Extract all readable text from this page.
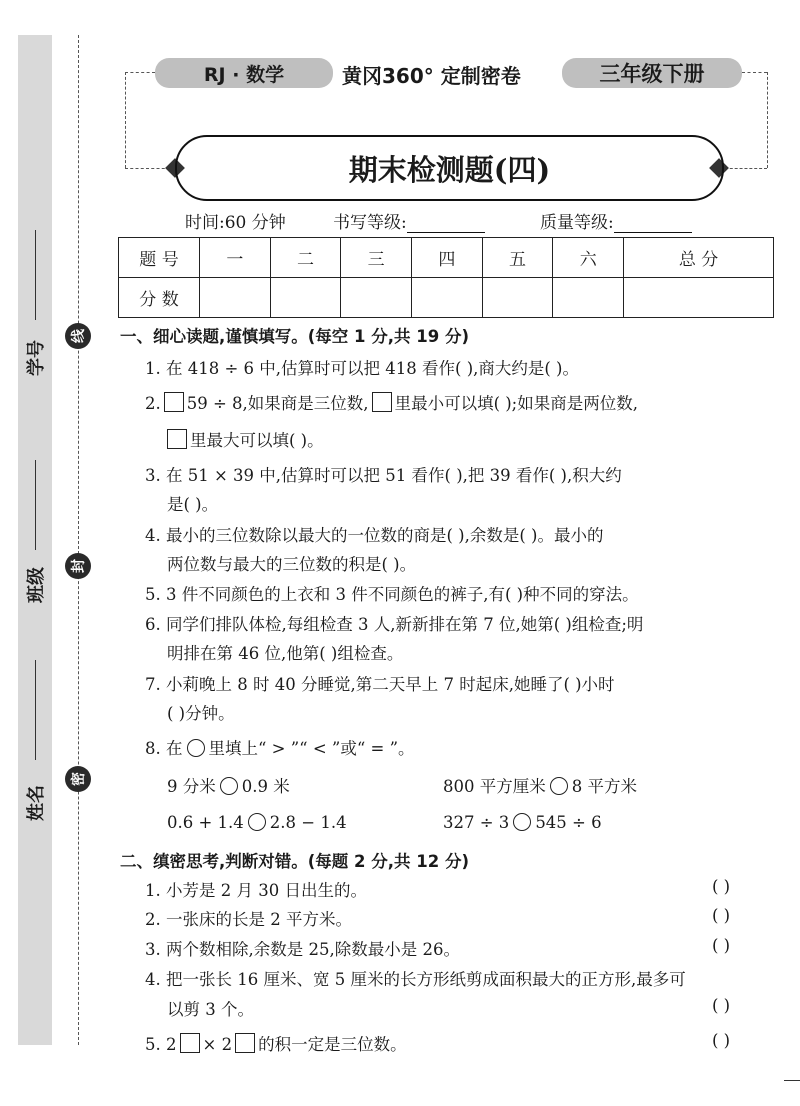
学号
班级
姓名
线
封
密
RJ · 数学	黄冈360° 定制密卷	三年级下册
期末检测题(四)
时间:60 分钟	书写等级:	质量等级:
题 号	一	二	三	四	五	六	总 分
分 数							
一、细心读题,谨慎填写。(每空 1 分,共 19 分)
1. 在 418 ÷ 6 中,估算时可以把 418 看作( ),商大约是( )。
2. 59 ÷ 8,如果商是三位数, 里最小可以填( );如果商是两位数,
里最大可以填( )。
3. 在 51 × 39 中,估算时可以把 51 看作( ),把 39 看作( ),积大约
是( )。
4. 最小的三位数除以最大的一位数的商是( ),余数是( )。最小的
两位数与最大的三位数的积是( )。
5. 3 件不同颜色的上衣和 3 件不同颜色的裤子,有( )种不同的穿法。
6. 同学们排队体检,每组检查 3 人,新新排在第 7 位,她第( )组检查;明
明排在第 46 位,他第( )组检查。
7. 小莉晚上 8 时 40 分睡觉,第二天早上 7 时起床,她睡了( )小时
( )分钟。
8. 在 里填上“ > ”“ < ”或“ = ”。
9 分米 0.9 米	800 平方厘米 8 平方米
0.6 + 1.4 2.8 − 1.4	327 ÷ 3 545 ÷ 6
二、缜密思考,判断对错。(每题 2 分,共 12 分)
1. 小芳是 2 月 30 日出生的。	( )
2. 一张床的长是 2 平方米。	( )
3. 两个数相除,余数是 25,除数最小是 26。	( )
4. 把一张长 16 厘米、宽 5 厘米的长方形纸剪成面积最大的正方形,最多可
以剪 3 个。	( )
5. 2 × 2 的积一定是三位数。	( )
